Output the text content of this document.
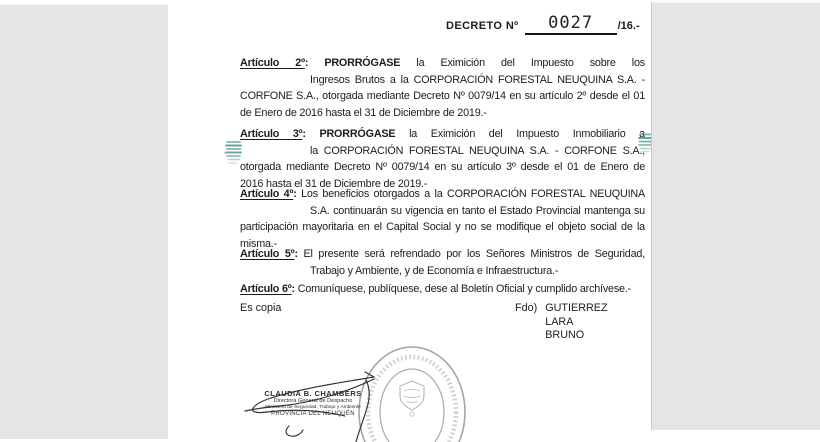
DECRETO Nº	0027	/16.-
Artículo 2º: PRORRÓGASE la Eximición del Impuesto sobre los
Ingresos Brutos a la CORPORACIÓN FORESTAL NEUQUINA S.A. -
CORFONE S.A., otorgada mediante Decreto Nº 0079/14 en su artículo 2º desde el 01
de Enero de 2016 hasta el 31 de Diciembre de 2019.-
Artículo 3º: PRORRÓGASE la Eximición del Impuesto Inmobiliario a
la CORPORACIÓN FORESTAL NEUQUINA S.A. - CORFONE S.A.,
otorgada mediante Decreto Nº 0079/14 en su artículo 3º desde el 01 de Enero de
2016 hasta el 31 de Diciembre de 2019.-
Artículo 4º: Los beneficios otorgados a la CORPORACIÓN FORESTAL NEUQUINA
S.A. continuarán su vigencia en tanto el Estado Provincial mantenga su
participación mayoritaria en el Capital Social y no se modifique el objeto social de la
misma.-
Artículo 5º: El presente será refrendado por los Señores Ministros de Seguridad,
Trabajo y Ambiente, y de Economía e Infraestructura.-
Artículo 6º: Comuníquese, publíquese, dese al Boletín Oficial y cumplido archívese.-
Es copia	Fdo) GUTIERREZ
LARA
BRUNO
CLAUDIA B. CHAMBERS
Directora General de Despacho
Ministerio de Seguridad, Trabajo y Ambiente
PROVINCIA DEL NEUQUÉN
